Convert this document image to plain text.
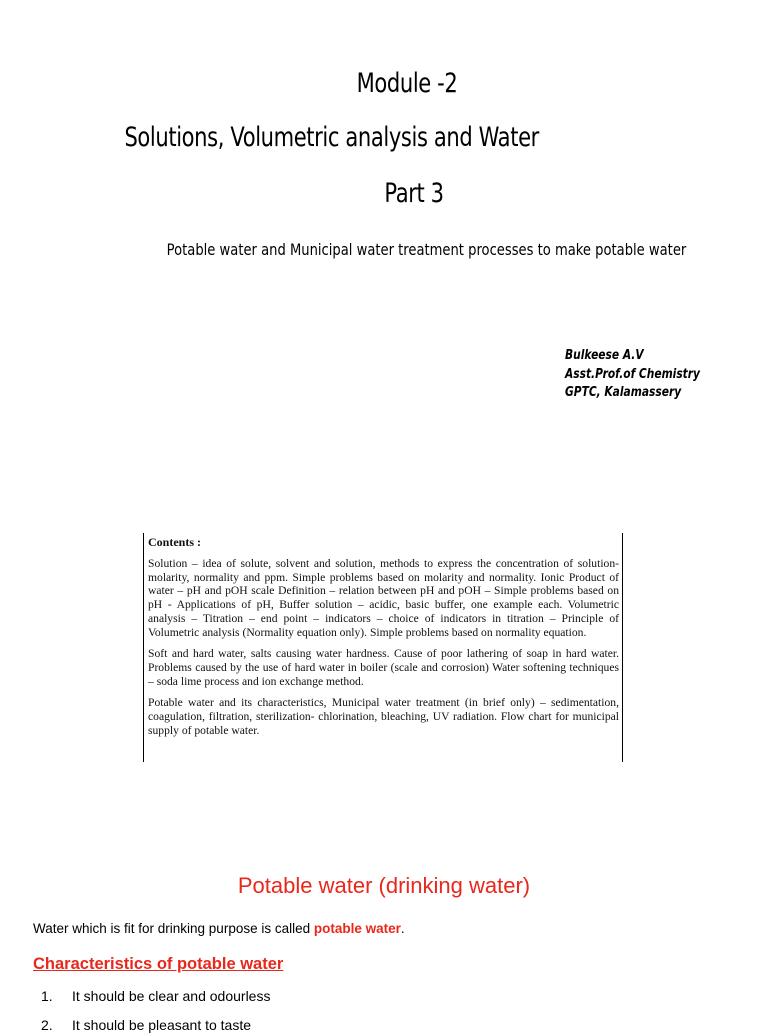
Module -2
Solutions, Volumetric analysis and Water
Part 3
Potable water and Municipal water treatment processes to make potable water
Bulkeese A.V
Asst.Prof.of Chemistry
GPTC, Kalamassery
Contents :
Solution – idea of solute, solvent and solution, methods to express the concentration of solution- molarity, normality and ppm. Simple problems based on molarity and normality. Ionic Product of water – pH and pOH scale Definition – relation between pH and pOH – Simple problems based on pH - Applications of pH, Buffer solution – acidic, basic buffer, one example each. Volumetric analysis – Titration – end point – indicators – choice of indicators in titration – Principle of Volumetric analysis (Normality equation only). Simple problems based on normality equation.
Soft and hard water, salts causing water hardness. Cause of poor lathering of soap in hard water. Problems caused by the use of hard water in boiler (scale and corrosion) Water softening techniques – soda lime process and ion exchange method.
Potable water and its characteristics, Municipal water treatment (in brief only) – sedimentation, coagulation, filtration, sterilization- chlorination, bleaching, UV radiation. Flow chart for municipal supply of potable water.
Potable water (drinking water)
Water which is fit for drinking purpose is called potable water.
Characteristics of potable water
1. It should be clear and odourless
2. It should be pleasant to taste
